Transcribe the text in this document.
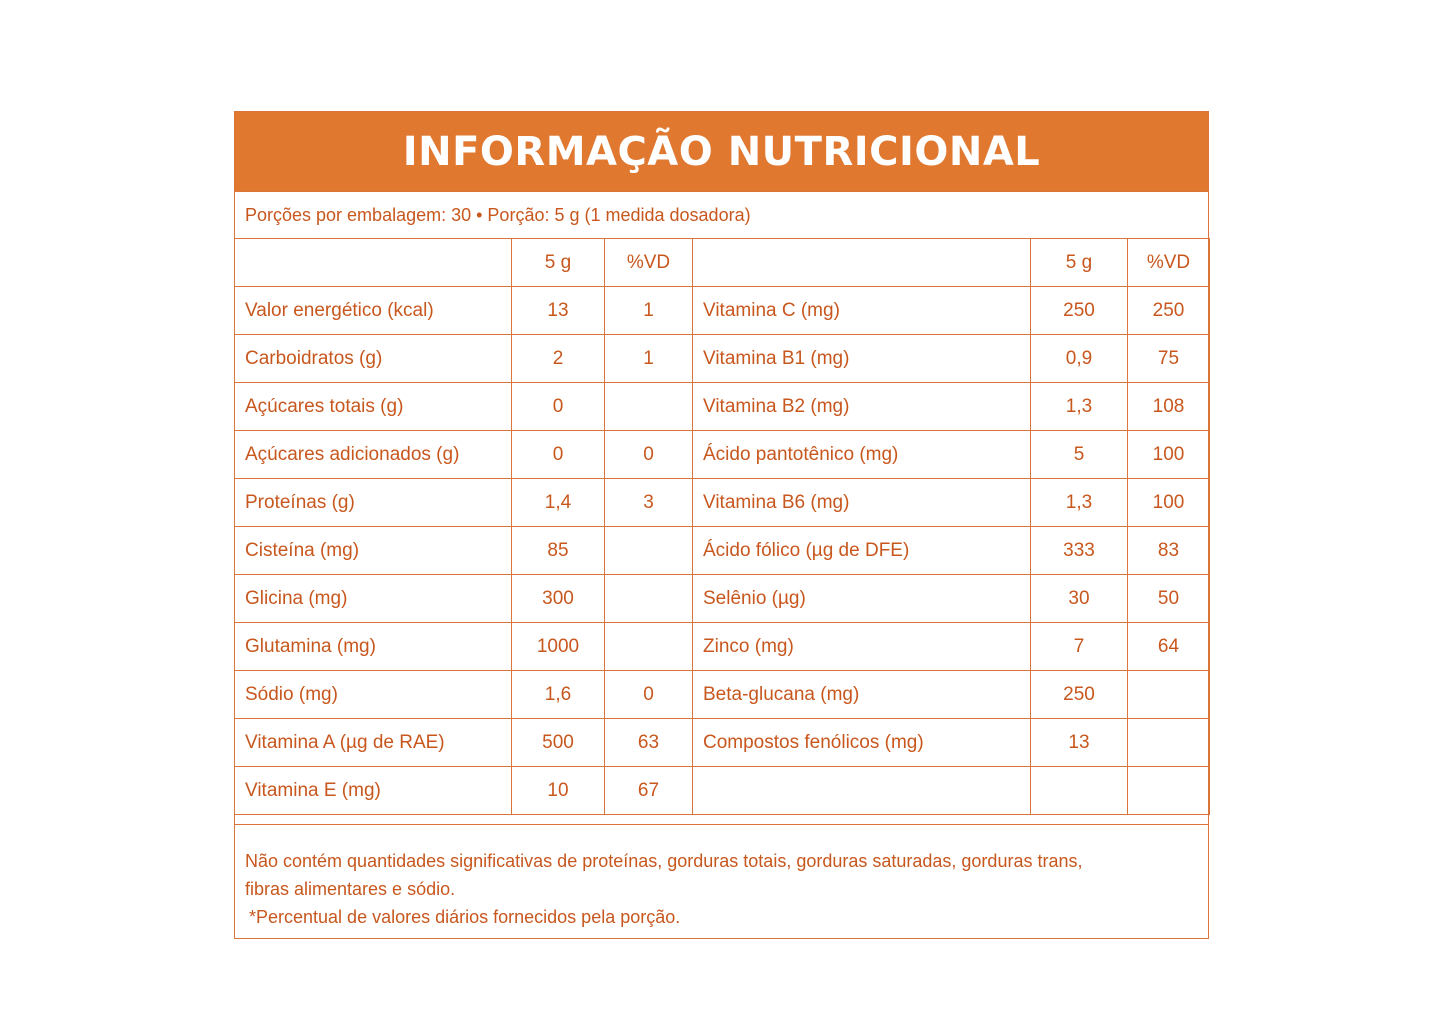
INFORMAÇÃO NUTRICIONAL
Porções por embalagem: 30 • Porção: 5 g (1 medida dosadora)
	5 g	%VD		5 g	%VD
Valor energético (kcal)	13	1	Vitamina C (mg)	250	250
Carboidratos (g)	2	1	Vitamina B1 (mg)	0,9	75
Açúcares totais (g)	0		Vitamina B2 (mg)	1,3	108
Açúcares adicionados (g)	0	0	Ácido pantotênico (mg)	5	100
Proteínas (g)	1,4	3	Vitamina B6 (mg)	1,3	100
Cisteína (mg)	85		Ácido fólico (µg de DFE)	333	83
Glicina (mg)	300		Selênio (µg)	30	50
Glutamina (mg)	1000		Zinco (mg)	7	64
Sódio (mg)	1,6	0	Beta-glucana (mg)	250	
Vitamina A (µg de RAE)	500	63	Compostos fenólicos (mg)	13	
Vitamina E (mg)	10	67			

Não contém quantidades significativas de proteínas, gorduras totais, gorduras saturadas, gorduras trans,

fibras alimentares e sódio.

*Percentual de valores diários fornecidos pela porção.
